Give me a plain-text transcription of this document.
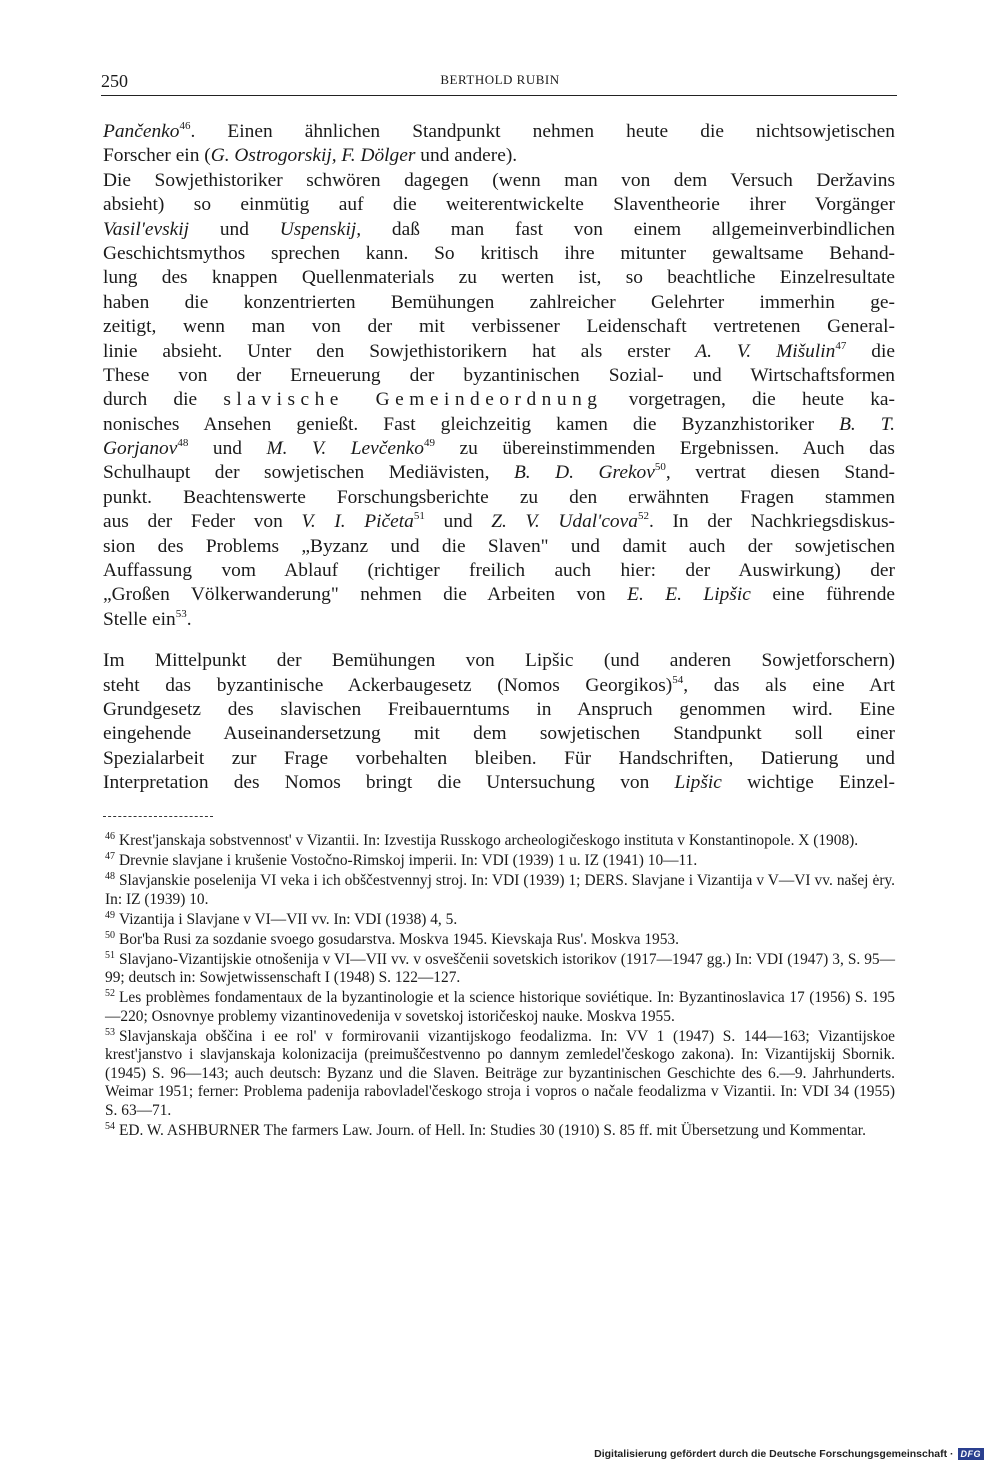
250	BERTHOLD RUBIN
Pančenko$^{46}$. Einen ähnlichen Standpunkt nehmen heute die nichtsowjetischen
Forscher ein (G. Ostrogorskij, F. Dölger und andere).
Die Sowjethistoriker schwören dagegen (wenn man von dem Versuch Deržavins
absieht) so einmütig auf die weiterentwickelte Slaventheorie ihrer Vorgänger
Vasil'evskij und Uspenskij, daß man fast von einem allgemeinverbindlichen
Geschichtsmythos sprechen kann. So kritisch ihre mitunter gewaltsame Behand-
lung des knappen Quellenmaterials zu werten ist, so beachtliche Einzelresultate
haben die konzentrierten Bemühungen zahlreicher Gelehrter immerhin ge-
zeitigt, wenn man von der mit verbissener Leidenschaft vertretenen General-
linie absieht. Unter den Sowjethistorikern hat als erster A. V. Mišulin$^{47}$ die
These von der Erneuerung der byzantinischen Sozial- und Wirtschaftsformen
durch die slavische Gemeindeordnung vorgetragen, die heute ka-
nonisches Ansehen genießt. Fast gleichzeitig kamen die Byzanzhistoriker B. T.
Gorjanov$^{48}$ und M. V. Levčenko$^{49}$ zu übereinstimmenden Ergebnissen. Auch das
Schulhaupt der sowjetischen Mediävisten, B. D. Grekov$^{50}$, vertrat diesen Stand-
punkt. Beachtenswerte Forschungsberichte zu den erwähnten Fragen stammen
aus der Feder von V. I. Pičeta$^{51}$ und Z. V. Udal'cova$^{52}$. In der Nachkriegsdiskus-
sion des Problems „Byzanz und die Slaven" und damit auch der sowjetischen
Auffassung vom Ablauf (richtiger freilich auch hier: der Auswirkung) der
„Großen Völkerwanderung" nehmen die Arbeiten von E. E. Lipšic eine führende
Stelle ein$^{53}$.
Im Mittelpunkt der Bemühungen von Lipšic (und anderen Sowjetforschern)
steht das byzantinische Ackerbaugesetz (Nomos Georgikos)$^{54}$, das als eine Art
Grundgesetz des slavischen Freibauerntums in Anspruch genommen wird. Eine
eingehende Auseinandersetzung mit dem sowjetischen Standpunkt soll einer
Spezialarbeit zur Frage vorbehalten bleiben. Für Handschriften, Datierung und
Interpretation des Nomos bringt die Untersuchung von Lipšic wichtige Einzel-
$^{46}$ Krest'janskaja sobstvennost' v Vizantii. In: Izvestija Russkogo archeologičeskogo instituta v Konstantinopole. X (1908).
$^{47}$ Drevnie slavjane i krušenie Vostočno-Rimskoj imperii. In: VDI (1939) 1 u. IZ (1941) 10—11.
$^{48}$ Slavjanskie poselenija VI veka i ich obščestvennyj stroj. In: VDI (1939) 1; DERS. Slavjane i Vizantija v V—VI vv. našej ėry. In: IZ (1939) 10.
$^{49}$ Vizantija i Slavjane v VI—VII vv. In: VDI (1938) 4, 5.
$^{50}$ Bor'ba Rusi za sozdanie svoego gosudarstva. Moskva 1945. Kievskaja Rus'. Moskva 1953.
$^{51}$ Slavjano-Vizantijskie otnošenija v VI—VII vv. v osveščenii sovetskich istorikov (1917—1947 gg.) In: VDI (1947) 3, S. 95—99; deutsch in: Sowjetwissenschaft I (1948) S. 122—127.
$^{52}$ Les problèmes fondamentaux de la byzantinologie et la science historique soviétique. In: Byzantinoslavica 17 (1956) S. 195—220; Osnovnye problemy vizantinovedenija v sovetskoj istoričeskoj nauke. Moskva 1955.
$^{53}$ Slavjanskaja obščina i ee rol' v formirovanii vizantijskogo feodalizma. In: VV 1 (1947) S. 144—163; Vizantijskoe krest'janstvo i slavjanskaja kolonizacija (preimuščestvenno po dannym zemledel'českogo zakona). In: Vizantijskij Sbornik. (1945) S. 96—143; auch deutsch: Byzanz und die Slaven. Beiträge zur byzantinischen Geschichte des 6.—9. Jahrhunderts. Weimar 1951; ferner: Problema padenija rabovladel'českogo stroja i vopros o načale feodalizma v Vizantii. In: VDI 34 (1955) S. 63—71.
$^{54}$ ED. W. ASHBURNER The farmers Law. Journ. of Hell. In: Studies 30 (1910) S. 85 ff. mit Übersetzung und Kommentar.
Digitalisierung gefördert durch die Deutsche Forschungsgemeinschaft · DFG
